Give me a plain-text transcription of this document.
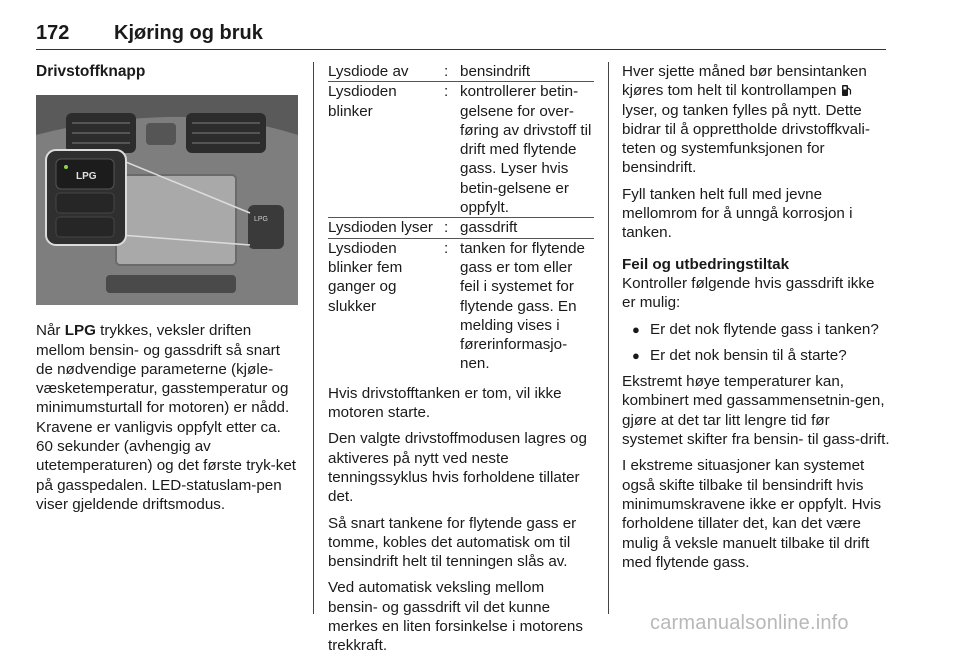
172 Kjøring og bruk
Drivstoffknapp
LPG
LPG

Når LPG trykkes, veksler driften mellom bensin- og gassdrift så snart de nødvendige parameterne (kjøle-væsketemperatur, gasstemperatur og minimumsturtall for motoren) er nådd. Kravene er vanligvis oppfylt etter ca. 60 sekunder (avhengig av utetemperaturen) og det første tryk-ket på gasspedalen. LED-statuslam-pen viser gjeldende driftsmodus.

Lysdiode av	: bensindrift
Lysdioden blinker
: kontrollerer betin-gelsene for over-føring av drivstoff til drift med flytende gass. Lyser hvis betin-gelsene er oppfylt.
Lysdioden lyser : gassdrift
Lysdioden blinker fem ganger og slukker
: tanken for flytende gass er tom eller feil i systemet for flytende gass. En melding vises i førerinformasjo-nen.

Hvis drivstofftanken er tom, vil ikke motoren starte.

Den valgte drivstoffmodusen lagres og aktiveres på nytt ved neste tenningssyklus hvis forholdene tillater det.

Så snart tankene for flytende gass er tomme, kobles det automatisk om til bensindrift helt til tenningen slås av.

Ved automatisk veksling mellom bensin- og gassdrift vil det kunne merkes en liten forsinkelse i motorens trekkraft.

Hver sjette måned bør bensintanken kjøres tom helt til kontrollampen  lyser, og tanken fylles på nytt. Dette bidrar til å opprettholde drivstoffkvali-teten og systemfunksjonen for bensindrift.

Fyll tanken helt full med jevne mellomrom for å unngå korrosjon i tanken.

Feil og utbedringstiltak

Kontroller følgende hvis gassdrift ikke er mulig:

● Er det nok flytende gass i tanken?
● Er det nok bensin til å starte?

Ekstremt høye temperaturer kan, kombinert med gassammensetnin-gen, gjøre at det tar litt lengre tid før systemet skifter fra bensin- til gass-drift.

I ekstreme situasjoner kan systemet også skifte tilbake til bensindrift hvis minimumskravene ikke er oppfylt. Hvis forholdene tillater det, kan det være mulig å veksle manuelt tilbake til drift med flytende gass.

carmanualsonline.info
